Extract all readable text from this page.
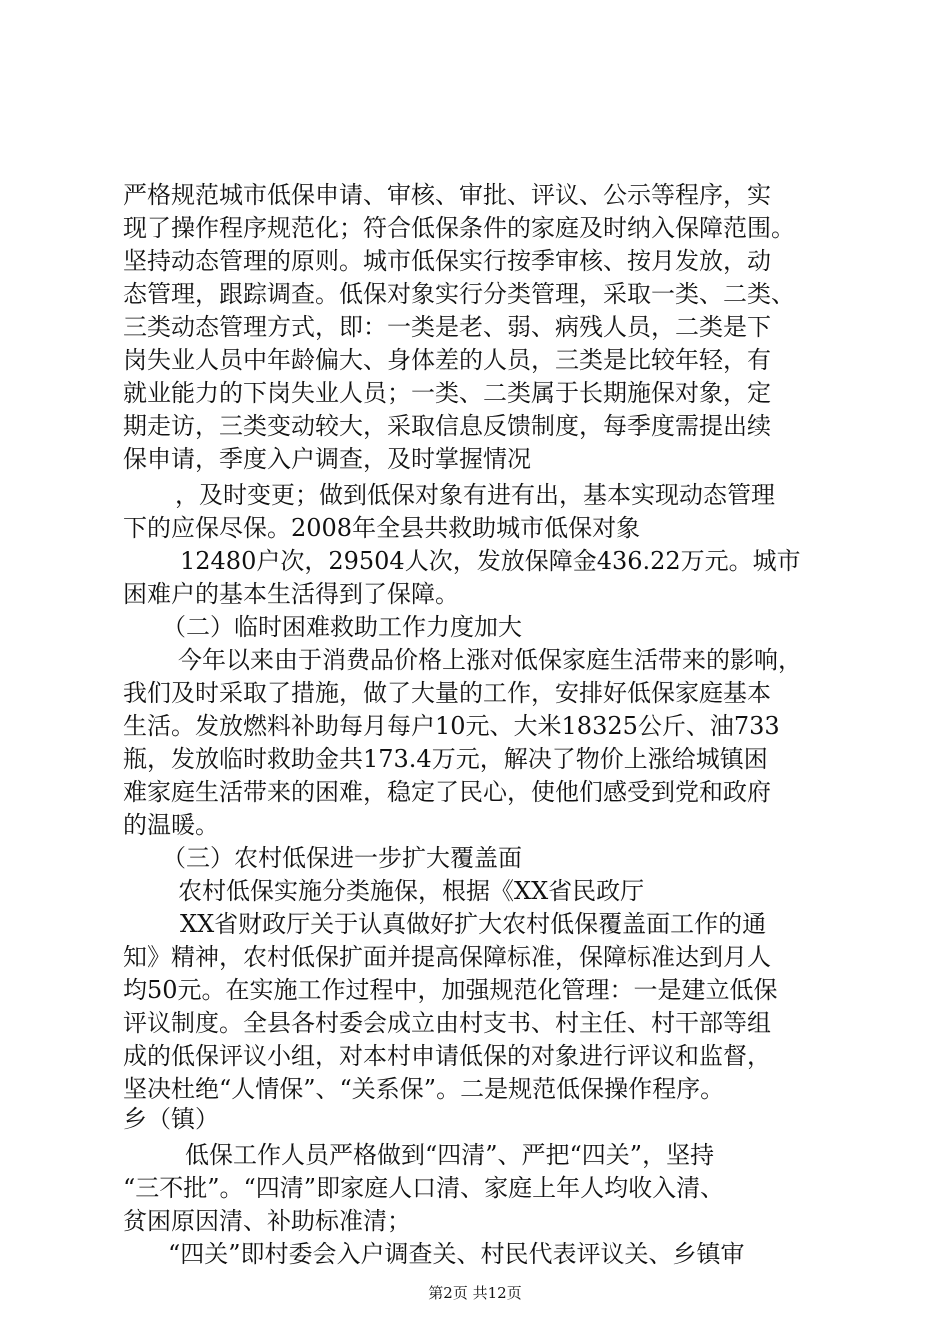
严格规范城市低保申请、审核、审批、评议、公示等程序，实
现了操作程序规范化；符合低保条件的家庭及时纳入保障范围。
坚持动态管理的原则。城市低保实行按季审核、按月发放，动
态管理，跟踪调查。低保对象实行分类管理，采取一类、二类、
三类动态管理方式，即：一类是老、弱、病残人员，二类是下
岗失业人员中年龄偏大、身体差的人员，三类是比较年轻，有
就业能力的下岗失业人员；一类、二类属于长期施保对象，定
期走访，三类变动较大，采取信息反馈制度，每季度需提出续
保申请，季度入户调查，及时掌握情况
，及时变更；做到低保对象有进有出，基本实现动态管理
下的应保尽保。2008年全县共救助城市低保对象
12480户次，29504人次，发放保障金436.22万元。城市
困难户的基本生活得到了保障。
（二）临时困难救助工作力度加大
今年以来由于消费品价格上涨对低保家庭生活带来的影响，
我们及时采取了措施，做了大量的工作，安排好低保家庭基本
生活。发放燃料补助每月每户10元、大米18325公斤、油733
瓶，发放临时救助金共173.4万元，解决了物价上涨给城镇困
难家庭生活带来的困难，稳定了民心，使他们感受到党和政府
的温暖。
（三）农村低保进一步扩大覆盖面
农村低保实施分类施保，根据《XX省民政厅
XX省财政厅关于认真做好扩大农村低保覆盖面工作的通
知》精神，农村低保扩面并提高保障标准，保障标准达到月人
均50元。在实施工作过程中，加强规范化管理：一是建立低保
评议制度。全县各村委会成立由村支书、村主任、村干部等组
成的低保评议小组，对本村申请低保的对象进行评议和监督，
坚决杜绝“人情保”、“关系保”。二是规范低保操作程序。
乡（镇）
低保工作人员严格做到“四清”、严把“四关”，坚持
“三不批”。“四清”即家庭人口清、家庭上年人均收入清、
贫困原因清、补助标准清；
“四关”即村委会入户调查关、村民代表评议关、乡镇审
第2页 共12页
